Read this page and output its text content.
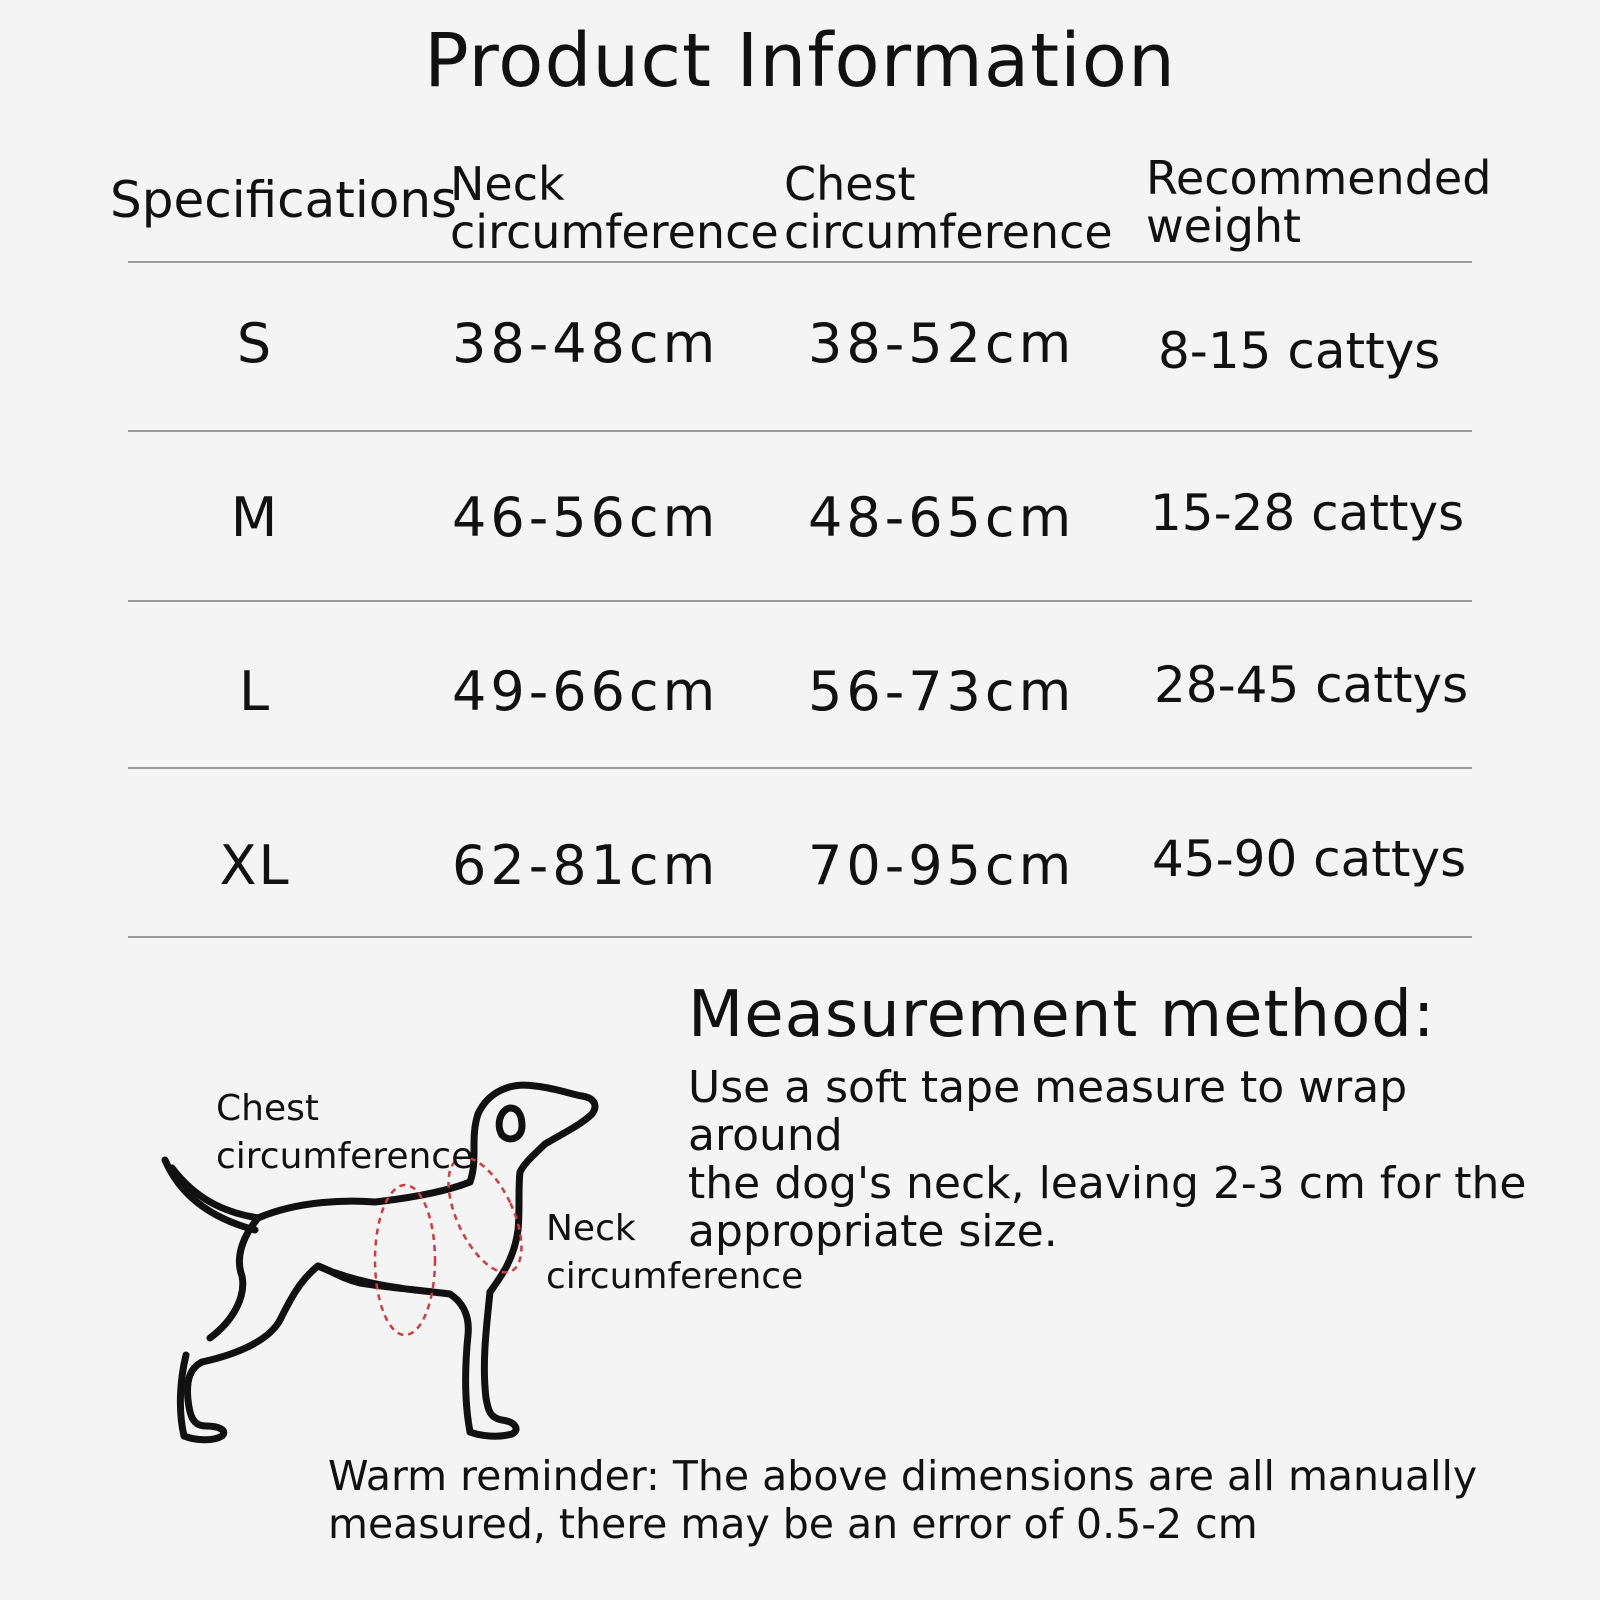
Product Information
Specifications
Neck
circumference
Chest
circumference
Recommended
weight
S	38-48cm 38-52cm 8-15 cattys
M	46-56cm 48-65cm 15-28 cattys
L	49-66cm 56-73cm 28-45 cattys
XL	62-81cm 70-95cm 45-90 cattys
Measurement method:
Use a soft tape measure to wrap around
the dog's neck, leaving 2-3 cm for the
appropriate size.
Chest
circumference
Neck
circumference
Warm reminder: The above dimensions are all manually
measured, there may be an error of 0.5-2 cm
